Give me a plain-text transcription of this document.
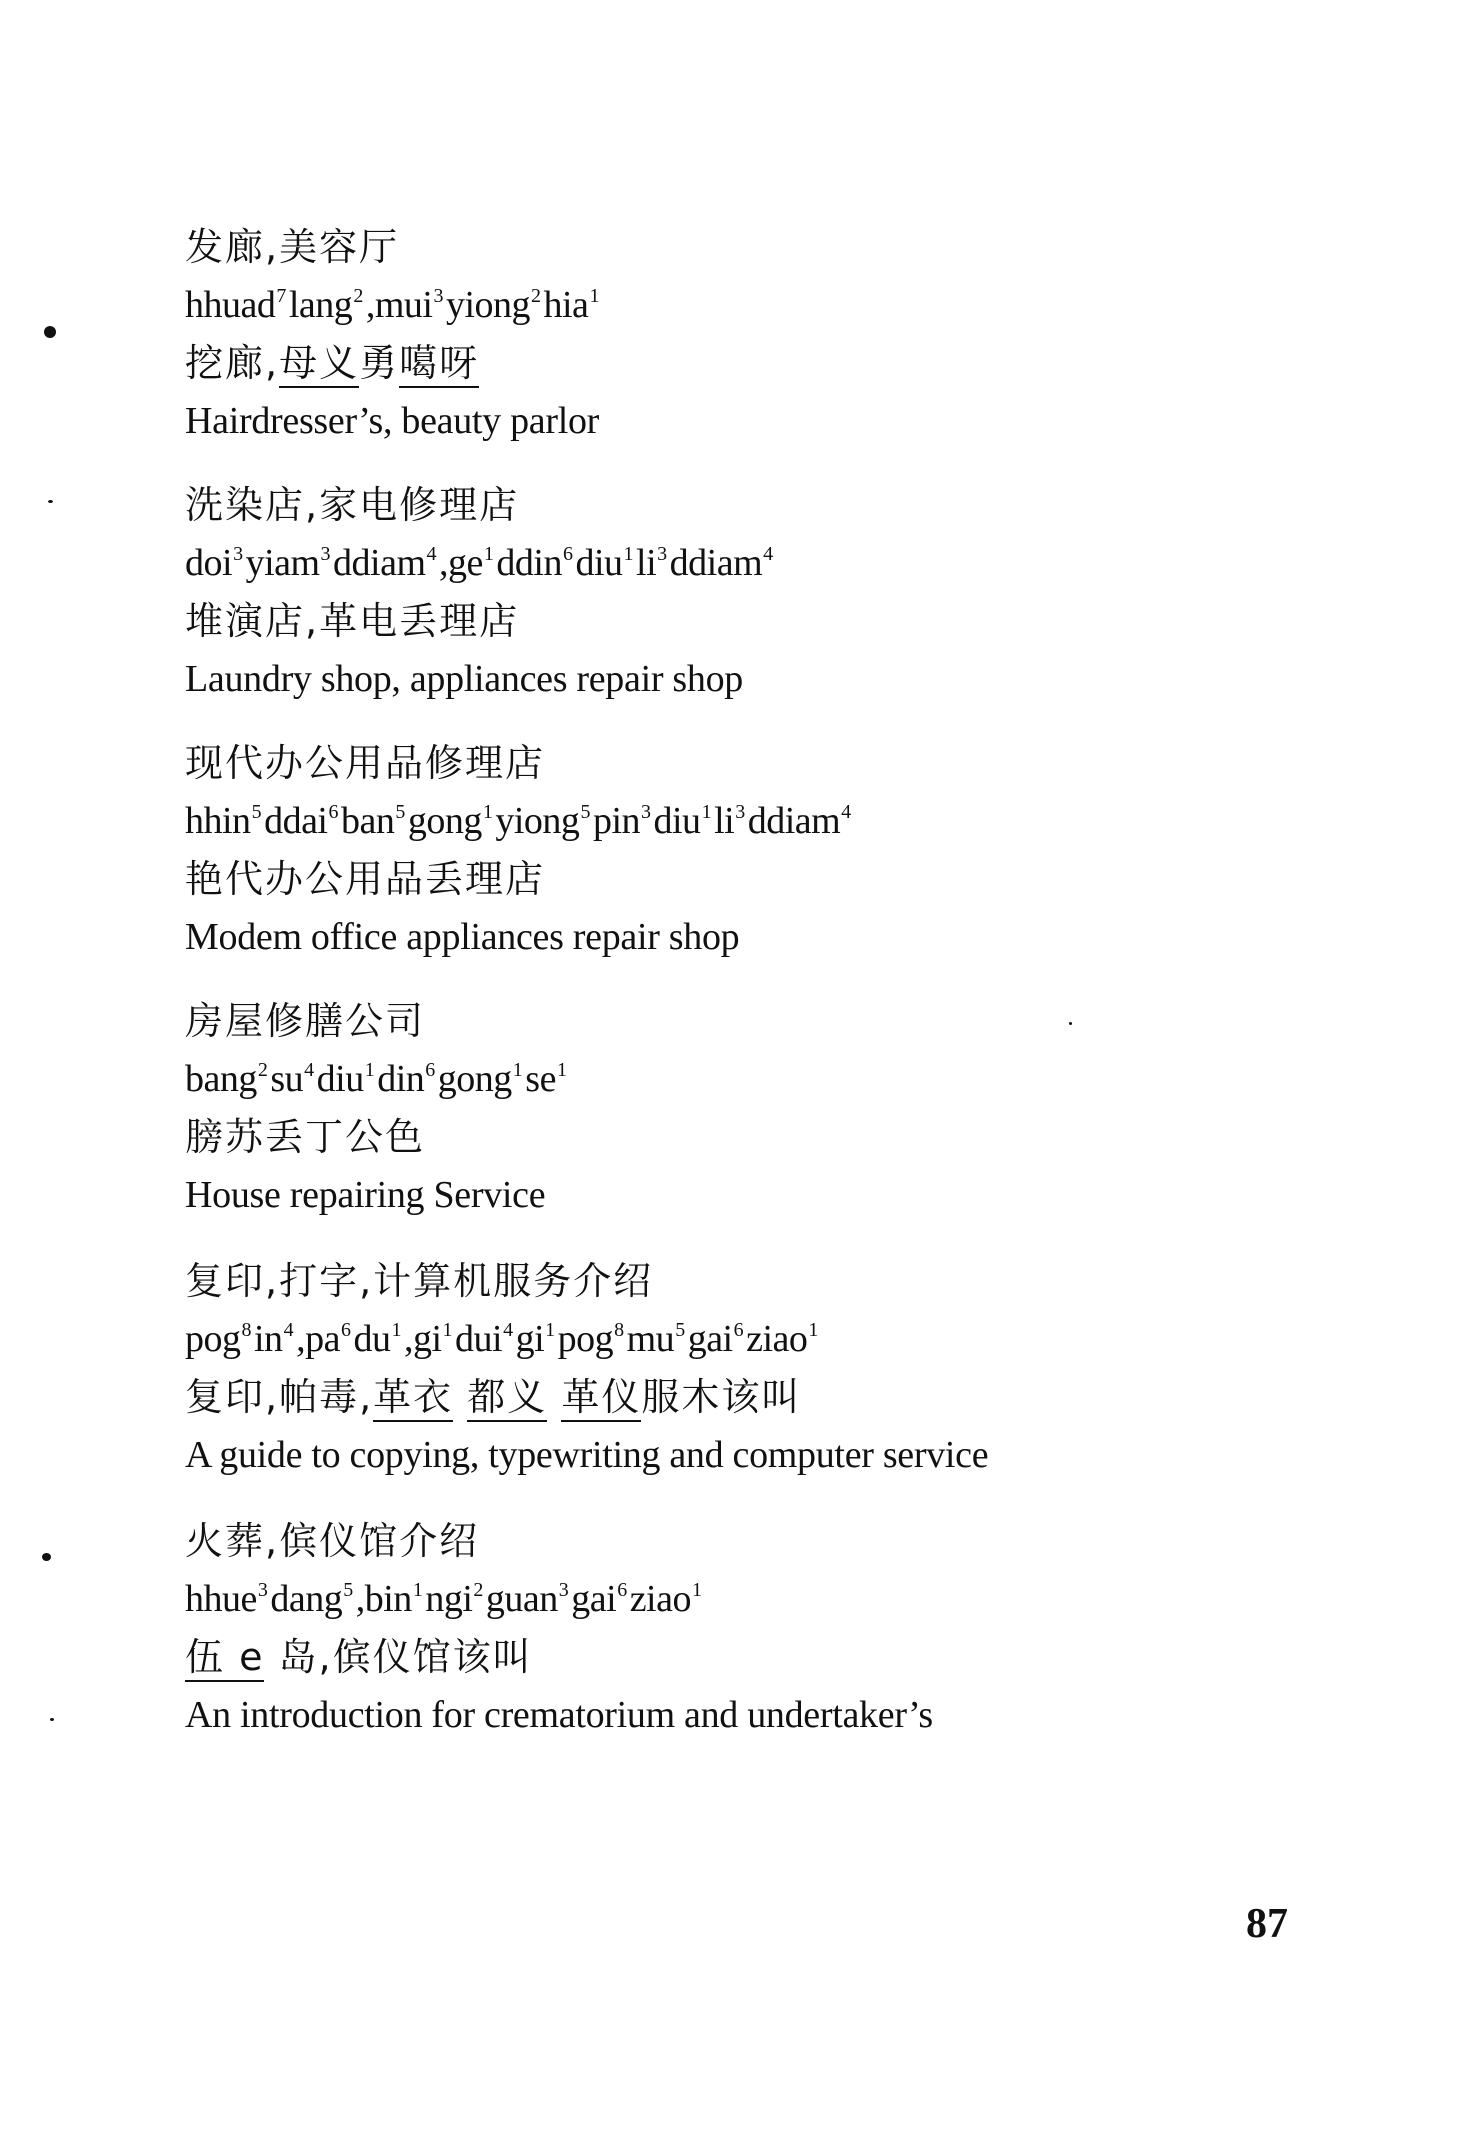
发廊,美容厅
hhuad$^7$lang$^2$,mui$^3$yiong$^2$hia$^1$
挖廊,母义勇噶呀
Hairdresser’s, beauty parlor
洗染店,家电修理店
$doi^3yiam^3ddiam^4,ge^1ddin^6diu^1li^3ddiam^4$
堆演店,革电丢理店
Laundry shop, appliances repair shop
现代办公用品修理店
$hhin^5ddai^6ban^5gong^1yiong^5pin^3diu^1li^3ddiam^4$
艳代办公用品丢理店
Modem office appliances repair shop
房屋修膳公司
$bang^2su^4diu^1din^6gong^1se^1$
膀苏丢丁公色
House repairing Service
复印,打字,计算机服务介绍
$pog^8in^4,pa^6du^1,gi^1dui^4gi^1pog^8mu^5gai^6ziao^1$
复印,帕毒,革衣 都义 革仪服木该叫
A guide to copying, typewriting and computer service
火葬,傧仪馆介绍
hhue$^3$dang$^5$,bin$^1$ngi$^2$guan$^3$gai$^6$ziao$^1$
伍 e 岛,傧仪馆该叫
An introduction for crematorium and undertaker’s
87
